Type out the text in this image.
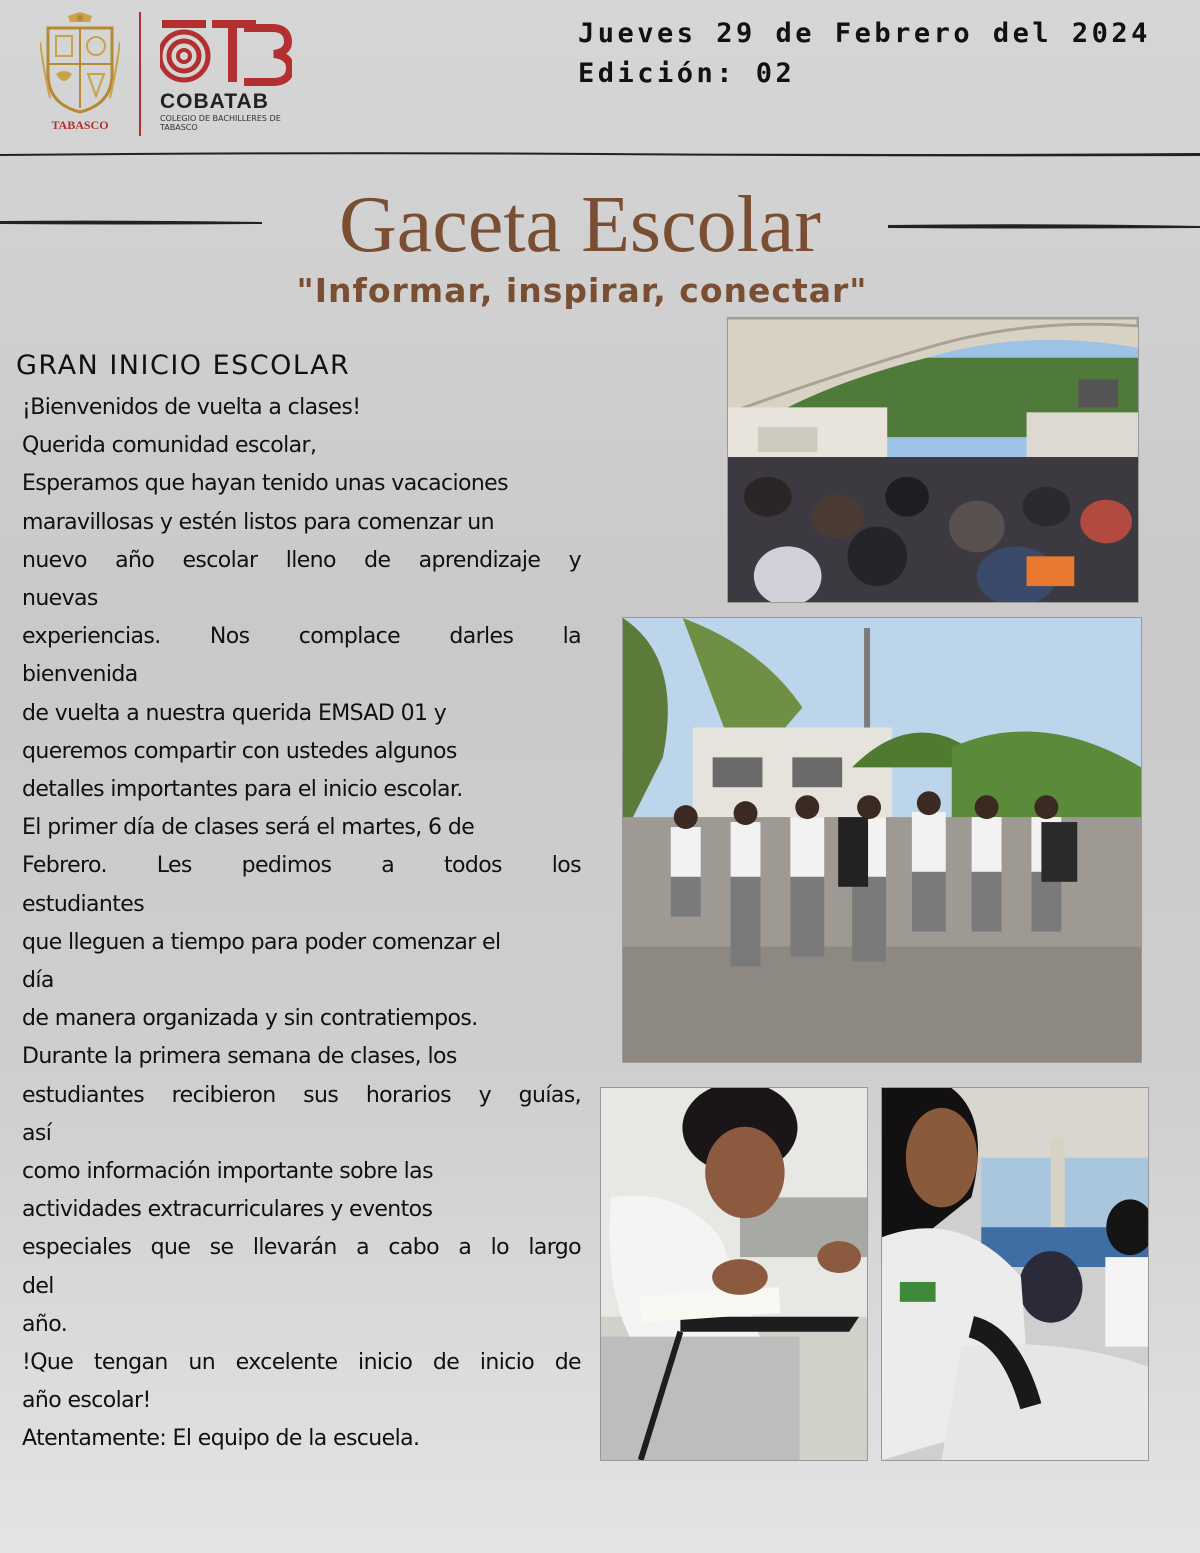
TABASCO
COBATAB
COLEGIO DE BACHILLERES DE TABASCO
Jueves 29 de Febrero del 2024
Edición: 02
Gaceta Escolar
"Informar, inspirar, conectar"
GRAN INICIO ESCOLAR

¡Bienvenidos de vuelta a clases!

Querida comunidad escolar,

Esperamos que hayan tenido unas vacaciones

maravillosas y estén listos para comenzar un

nuevo año escolar lleno de aprendizaje y

nuevas

experiencias. Nos complace darles la

bienvenida

de vuelta a nuestra querida EMSAD 01 y

queremos compartir con ustedes algunos

detalles importantes para el inicio escolar.

El primer día de clases será el martes, 6 de

Febrero. Les pedimos a todos los

estudiantes

que lleguen a tiempo para poder comenzar el

día

de manera organizada y sin contratiempos.

Durante la primera semana de clases, los

estudiantes recibieron sus horarios y guías,

así

como información importante sobre las

actividades extracurriculares y eventos

especiales que se llevarán a cabo a lo largo

del

año.

!Que tengan un excelente inicio de inicio de

año escolar!

Atentamente: El equipo de la escuela.
